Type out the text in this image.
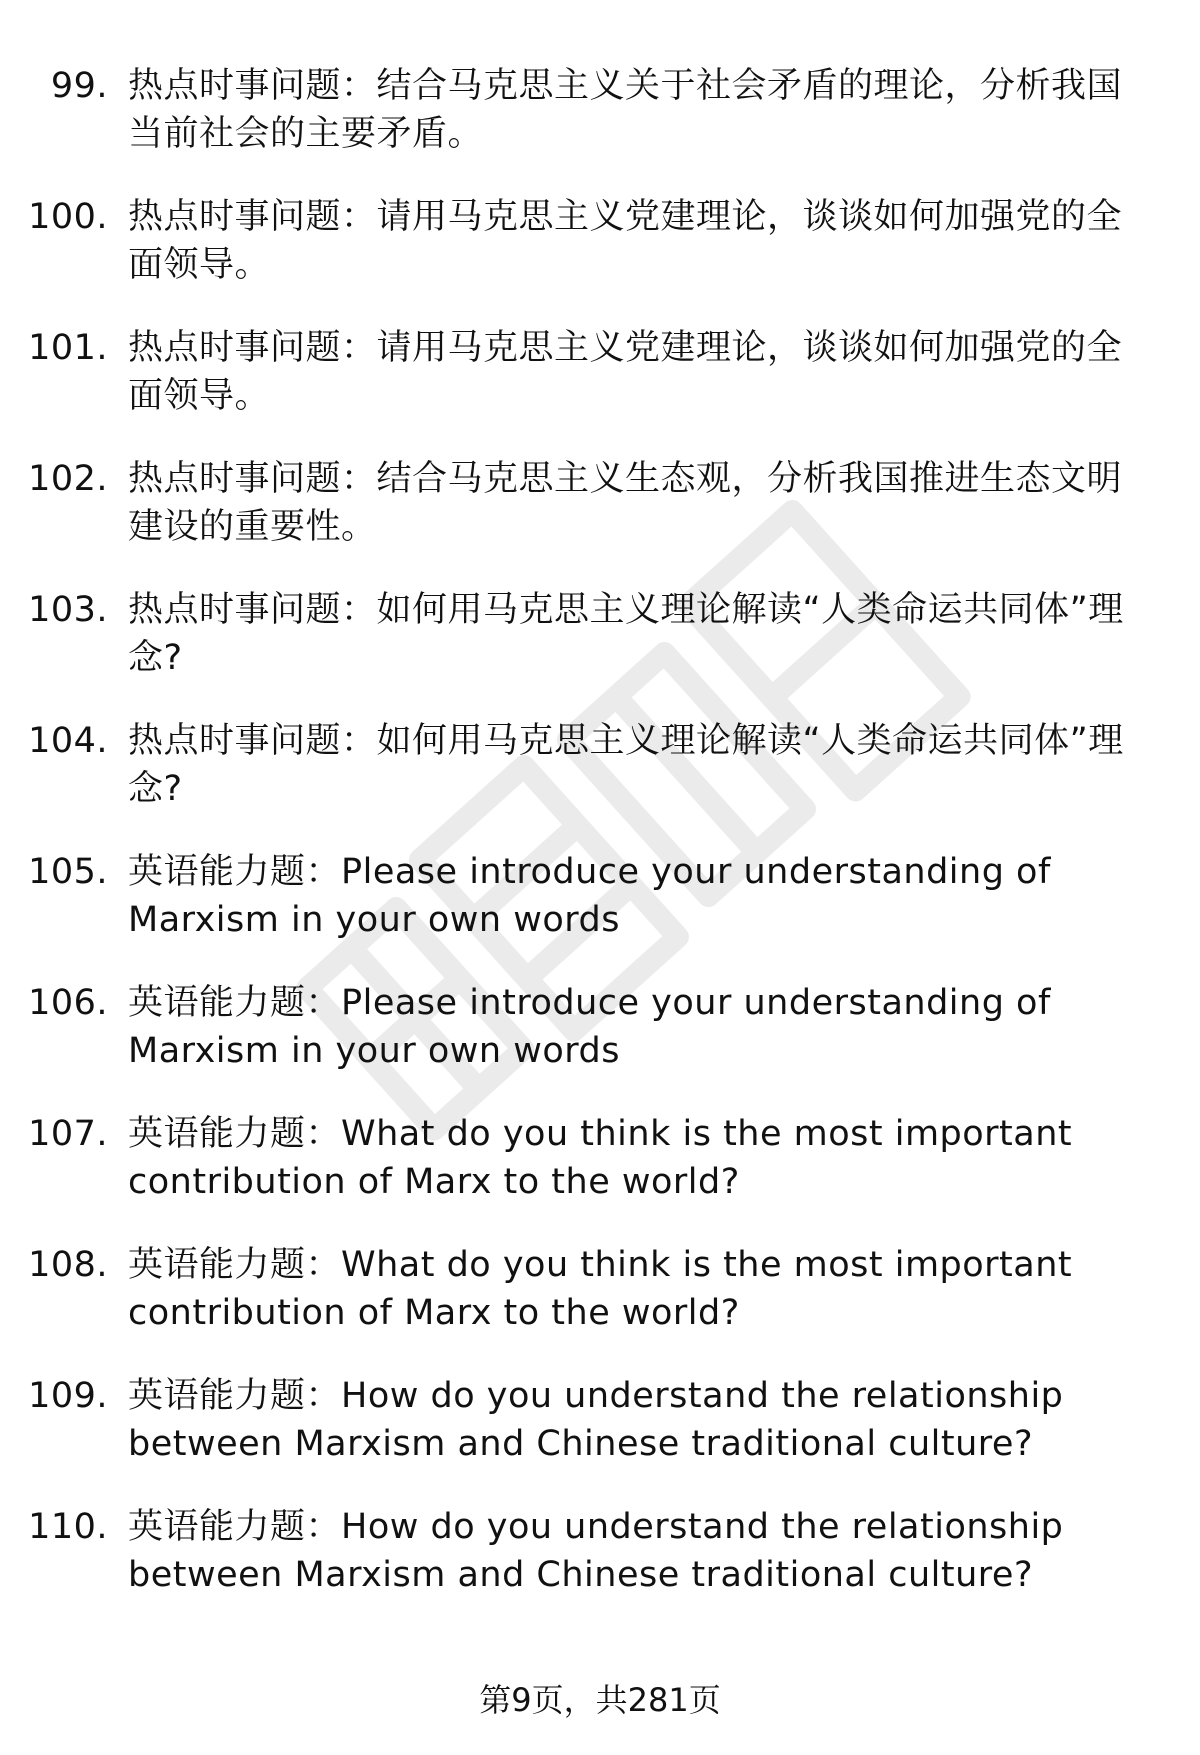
99. 热点时事问题：结合马克思主义关于社会矛盾的理论，分析我国当前社会的主要矛盾。
100. 热点时事问题：请用马克思主义党建理论，谈谈如何加强党的全面领导。
101. 热点时事问题：请用马克思主义党建理论，谈谈如何加强党的全面领导。
102. 热点时事问题：结合马克思主义生态观，分析我国推进生态文明建设的重要性。
103. 热点时事问题：如何用马克思主义理论解读“人类命运共同体”理念?
104. 热点时事问题：如何用马克思主义理论解读“人类命运共同体”理念?
105. 英语能力题：Please introduce your understanding of Marxism in your own words
106. 英语能力题：Please introduce your understanding of Marxism in your own words
107. 英语能力题：What do you think is the most important contribution of Marx to the world?
108. 英语能力题：What do you think is the most important contribution of Marx to the world?
109. 英语能力题：How do you understand the relationship between Marxism and Chinese traditional culture?
110. 英语能力题：How do you understand the relationship between Marxism and Chinese traditional culture?
第9页，共281页
